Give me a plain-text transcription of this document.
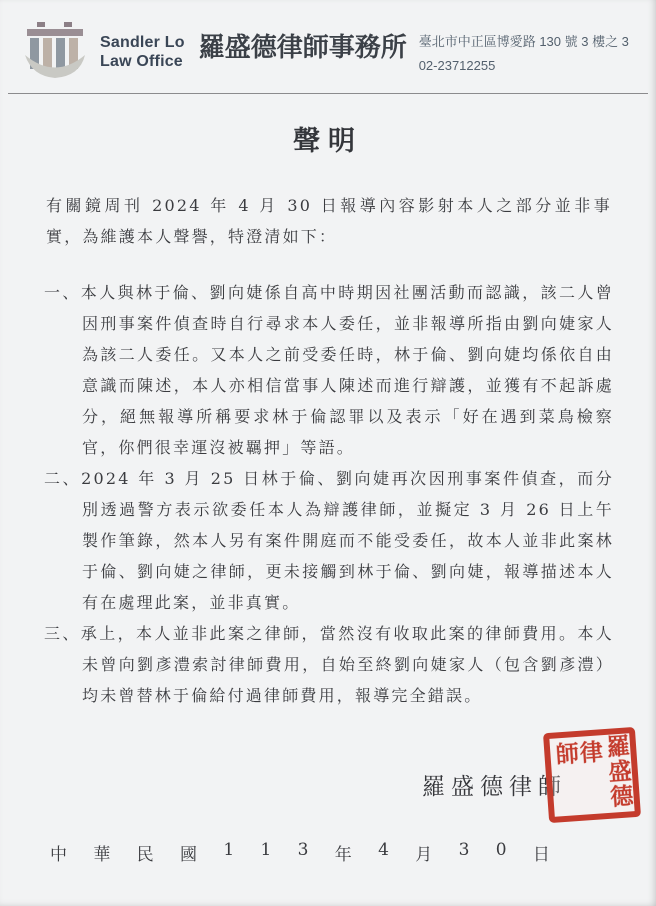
Sandler Lo
Law Office 羅盛德律師事務所 臺北市中正區博愛路 130 號 3 樓之 3
02-23712255
聲明

有關鏡周刊 2024 年 4 月 30 日報導內容影射本人之部分並非事實，為維護本人聲譽，特澄清如下：

一、本人與林于倫、劉向婕係自高中時期因社團活動而認識，該二人曾因刑事案件偵查時自行尋求本人委任，並非報導所指由劉向婕家人為該二人委任。又本人之前受委任時，林于倫、劉向婕均係依自由意識而陳述，本人亦相信當事人陳述而進行辯護，並獲有不起訴處分，絕無報導所稱要求林于倫認罪以及表示「好在遇到菜鳥檢察官，你們很幸運沒被羈押」等語。

二、2024 年 3 月 25 日林于倫、劉向婕再次因刑事案件偵查，而分別透過警方表示欲委任本人為辯護律師，並擬定 3 月 26 日上午製作筆錄，然本人另有案件開庭而不能受委任，故本人並非此案林于倫、劉向婕之律師，更未接觸到林于倫、劉向婕，報導描述本人有在處理此案，並非真實。

三、承上，本人並非此案之律師，當然沒有收取此案的律師費用。本人未曾向劉彥澧索討律師費用，自始至終劉向婕家人（包含劉彥澧）均未曾替林于倫給付過律師費用，報導完全錯誤。

羅盛德律師 羅盛德
律師
中 華 民 國 1 1 3 年 4 月 3 0 日
